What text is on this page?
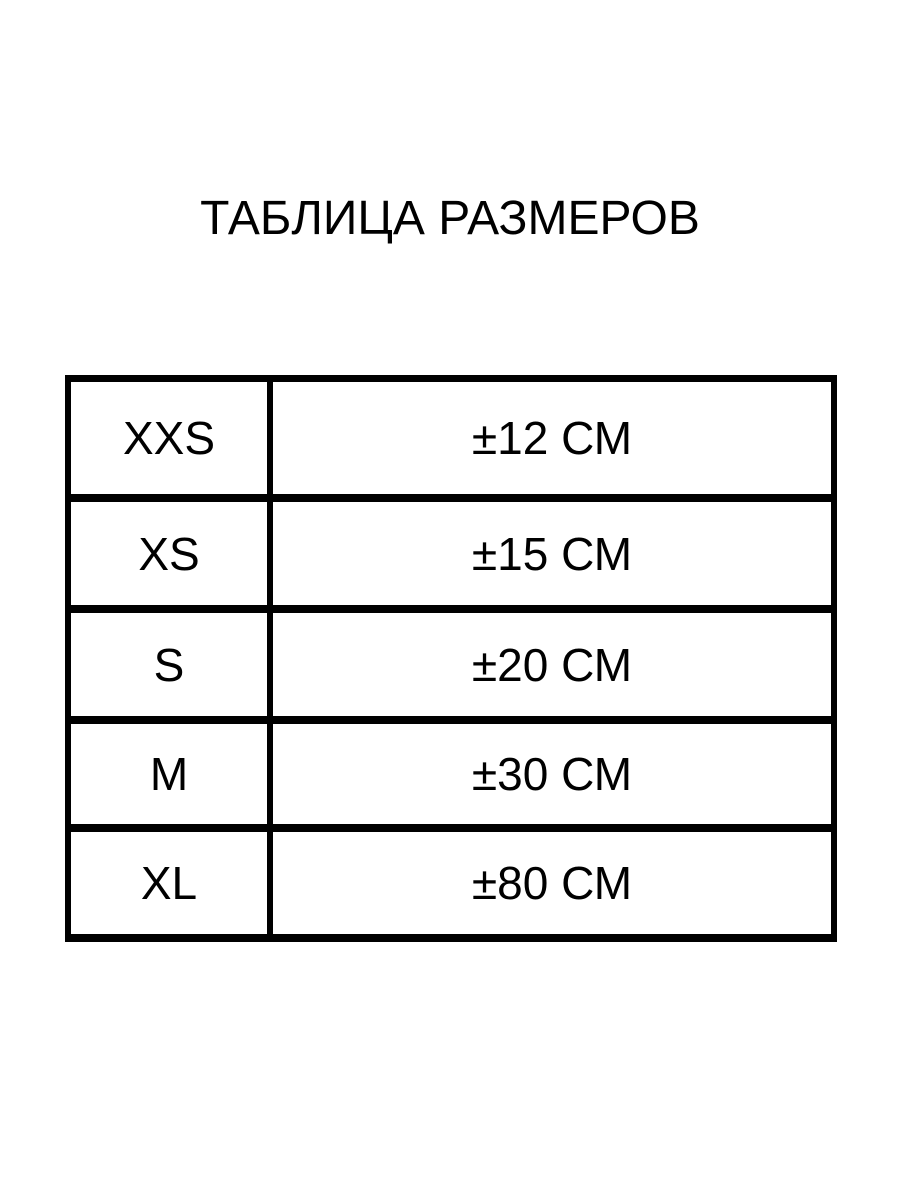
ТАБЛИЦА РАЗМЕРОВ
XXS	±12 СМ
XS	±15 СМ
S	±20 СМ
M	±30 СМ
XL	±80 СМ
